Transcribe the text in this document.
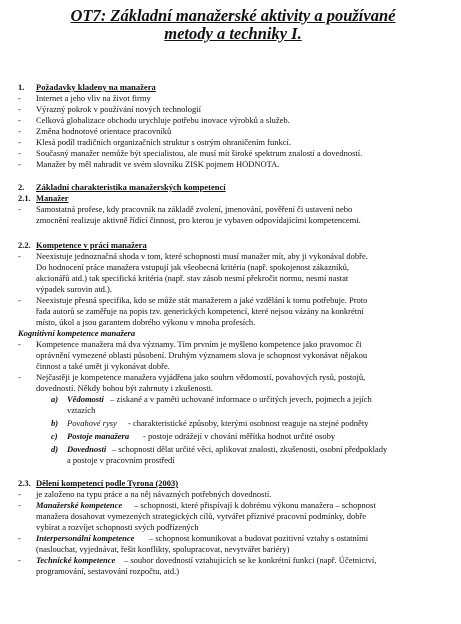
OT7: Základní manažerské aktivity a používané
metody a techniky I.
1. Požadavky kladeny na manažera
- Internet a jeho vliv na život firmy
- Výrazný pokrok v používání nových technologií
- Celková globalizace obchodu urychluje potřebu inovace výrobků a služeb.
- Změna hodnotové orientace pracovníků
- Klesá podíl tradičních organizačních struktur s ostrým ohraničením funkcí.
- Současný manažer nemůže být specialistou, ale musí mít široké spektrum znalostí a dovedností.
- Manažer by měl nahradit ve svém slovníku ZISK pojmem HODNOTA.
2. Základní charakteristika manažerských kompetencí
2.1. Manažer
- Samostatná profese, kdy pracovník na základě zvolení, jmenování, pověření či ustavení nebo
zmocnění realizuje aktivně řídící činnost, pro kterou je vybaven odpovídajícími kompetencemi.
2.2. Kompetence v práci manažera
- Neexistuje jednoznačná shoda v tom, které schopnosti musí manažer mít, aby ji vykonával dobře.
Do hodnocení práce manažera vstupují jak všeobecná kritéria (např. spokojenost zákazníků,
akcionářů atd.) tak specifická kritéria (např. stav zásob nesmí překročit normu, nesmí nastat
výpadek surovin atd.).
- Neexistuje přesná specifika, kdo se může stát manažerem a jaké vzdělání k tomu potřebuje. Proto
řada autorů se zaměřuje na popis tzv. generických kompetencí, které nejsou vázány na konkrétní
místo, úkol a jsou garantem dobrého výkonu v mnoha profesích.
Kognitivní kompetence manažera
- Kompetence manažera má dva významy. Tím prvním je myšleno kompetence jako pravomoc či
oprávnění vymezené oblasti působení. Druhým významem slova je schopnost vykonávat nějakou
činnost a také umět ji vykonávat dobře.
- Nejčastěji je kompetence manažera vyjádřena jako souhrn vědomostí, povahových rysů, postojů,
dovedností. Někdy bohou být zahrnuty i zkušenosti.
a) Vědomosti – získané a v paměti uchované informace o určitých jevech, pojmech a jejích
vztazích
b) Povahové rysy - charakteristické způsoby, kterými osobnost reaguje na stejné podněty
c) Postoje manažera - postoje odrážejí v chování měřítka hodnot určité osoby
d) Dovednosti – schopnosti dělat určité věci, aplikovat znalosti, zkušenosti, osobní předpoklady
a postoje v pracovním prostředí
2.3. Dělení kompetencí podle Tyrona (2003)
- je založeno na typu práce a na něj návazných potřebných dovedností.
- Manažerské kompetence – schopnosti, které přispívají k dobrému výkonu manažera – schopnost
manažera dosahovat vymezených strategických cílů, vytvářet příznivé pracovní podmínky, dobře
vybírat a rozvíjet schopnosti svých podřízených
- Interpersonální kompetence – schopnost komunikovat a budovat pozitivní vztahy s ostatními
(naslouchat, vyjednávat, řešit konflikty, spolupracovat, nevytvářet bariéry)
- Technické kompetence – soubor dovedností vztahujících se ke konkrétní funkci (např. Účetnictví,
programování, sestavování rozpočtu, atd.)
